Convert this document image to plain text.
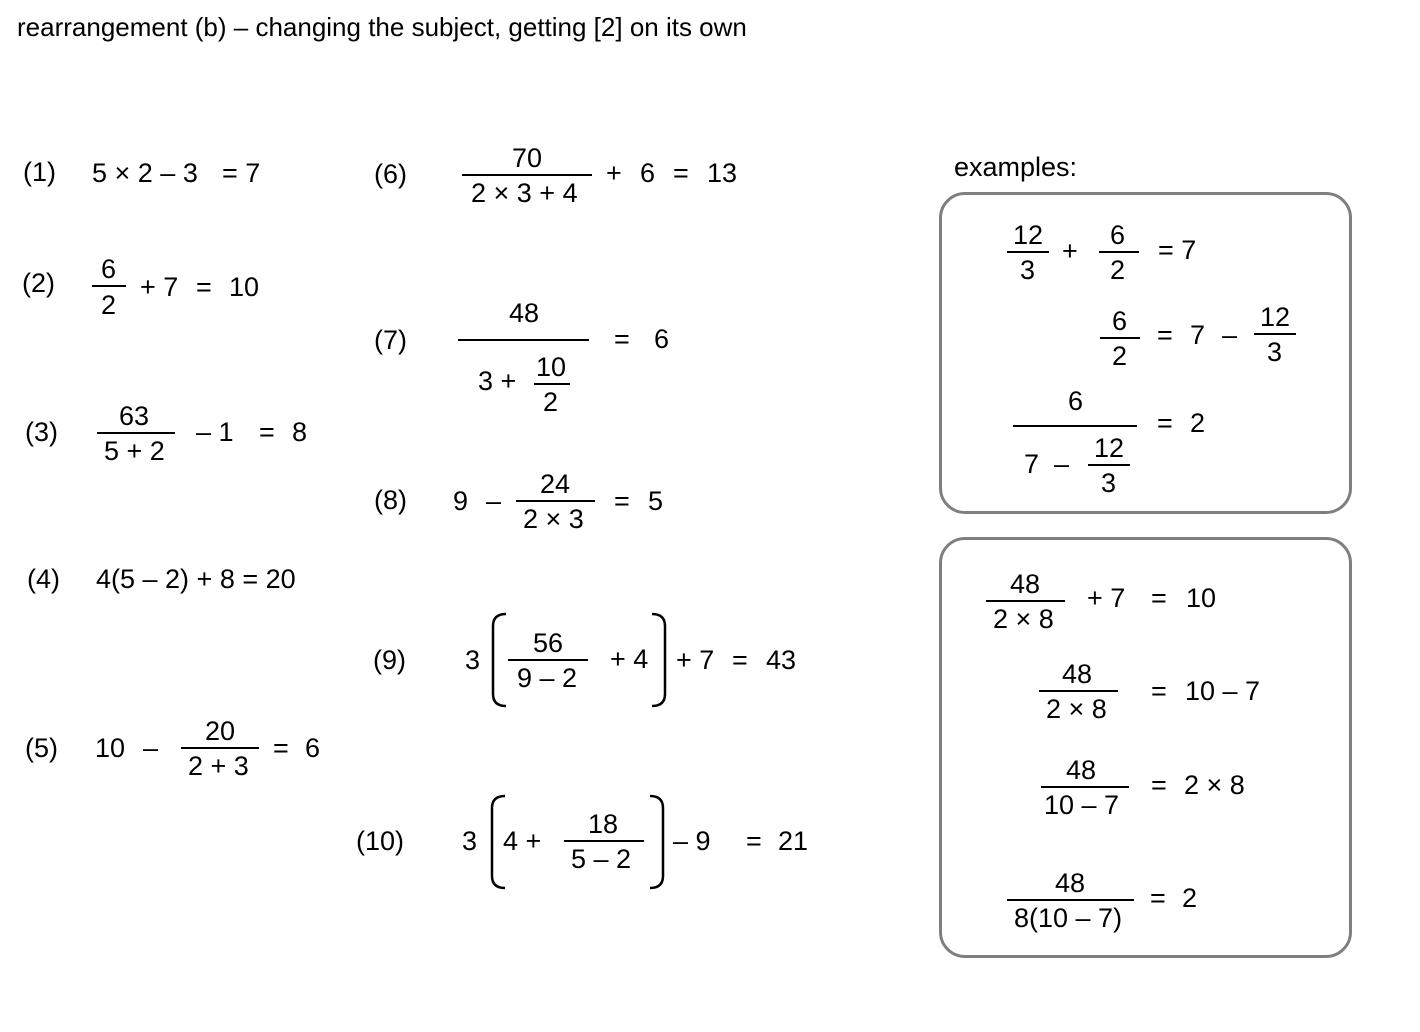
rearrangement (b) – changing the subject, getting [2] on its own
(1) 5 × 2 – 3 = 7
(2) 6
2
+ 7 = 10
(3)
63
5 + 2
– 1 = 8
(4) 4(5 – 2) + 8 = 20
(5) 10 –
20
2 + 3
= 6
(6)
70
2 × 3 + 4
+ 6 = 13
(7)
48
3 + 10
2
= 6
(8) 9 –
24
2 × 3
= 5
(9) 3
56
9 – 2
+ 4 + 7 = 43
(10) 3 4 +
18
5 – 2
– 9 = 21
examples:
12
3
+
6
2
= 7
6
2
= 7 –
12
3
6
7 –
12
3
= 2
48
2 × 8
+ 7 = 10
48
2 × 8
= 10 – 7
48
10 – 7
= 2 × 8
48
8(10 – 7)
= 2
